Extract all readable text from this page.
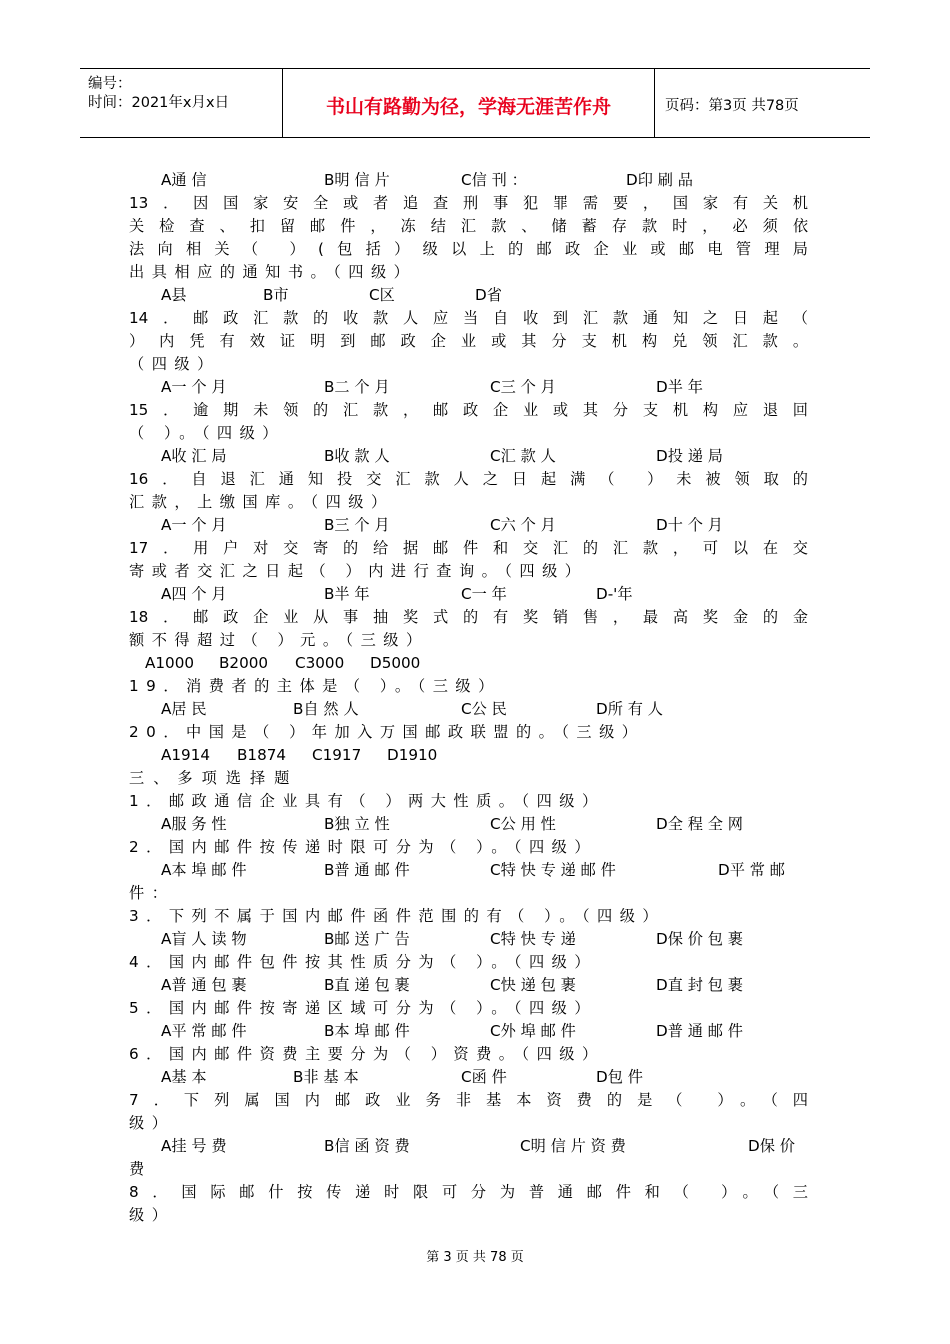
编号：
时间：2021年x月x日	书山有路勤为径，学海无涯苦作舟	页码：第3页 共78页
A通 信	B明 信 片	C信 刊 ：	D印 刷 品
13．因国家安全或者追查刑事犯罪需要，国家有关机
关检查、扣留邮件，冻结汇款、储蓄存款时，必须依
法向相关（ ）(包括）级以上的邮政企业或邮电管理局
出具相应的通知书。（四级）
A县	B市	C区	D省
14．邮政汇款的收款人应当自收到汇款通知之日起（
）内凭有效证明到邮政企业或其分支机构兑领汇款。
（四级）
A一 个 月	B二 个 月	C三 个 月	D半 年
15．逾期未领的汇款，邮政企业或其分支机构应退回
（ ）。（四级）
A收 汇 局	B收 款 人	C汇 款 人	D投 递 局
16．自退汇通知投交汇款人之日起满（ ）未被领取的
汇款，上缴国库。（四级）
A一 个 月	B三 个 月	C六 个 月	D十 个 月
17．用户对交寄的给据邮件和交汇的汇款，可以在交
寄或者交汇之日起（ ）内进行查询。（四级）
A四 个 月	B半 年	C一 年	D-'年
18．邮政企业从事抽奖式的有奖销售，最高奖金的金
额不得超过（ ）元。（三级）
A1000 B2000 C3000 D5000
19．消费者的主体是（ ）。（三级）
A居 民	B自 然 人	C公 民	D所 有 人
20．中国是（ ）年加入万国邮政联盟的。（三级）
A1914 B1874 C1917 D1910
三、多项选择题
1．邮政通信企业具有（ ）两大性质。（四级）
A服 务 性	B独 立 性	C公 用 性	D全 程 全 网
2．国内邮件按传递时限可分为（ ）。（四级）
A本 埠 邮 件	B普 通 邮 件	C特 快 专 递 邮 件	D平 常 邮
件：
3．下列不属于国内邮件函件范围的有（ ）。（四级）
A盲 人 读 物	B邮 送 广 告	C特 快 专 递	D保 价 包 裹
4．国内邮件包件按其性质分为（ ）。（四级）
A普 通 包 裹	B直 递 包 裹	C快 递 包 裹	D直 封 包 裹
5．国内邮件按寄递区域可分为（ ）。（四级）
A平 常 邮 件	B本 埠 邮 件	C外 埠 邮 件	D普 通 邮 件
6．国内邮件资费主要分为（ ）资费。（四级）
A基 本	B非 基 本	C函 件	D包 件
7．下列属国内邮政业务非基本资费的是（ ）。（四
级）
A挂 号 费	B信 函 资 费	C明 信 片 资 费	D保 价
费
8．国际邮什按传递时限可分为普通邮件和（ ）。（三
级）
第 3 页 共 78 页
